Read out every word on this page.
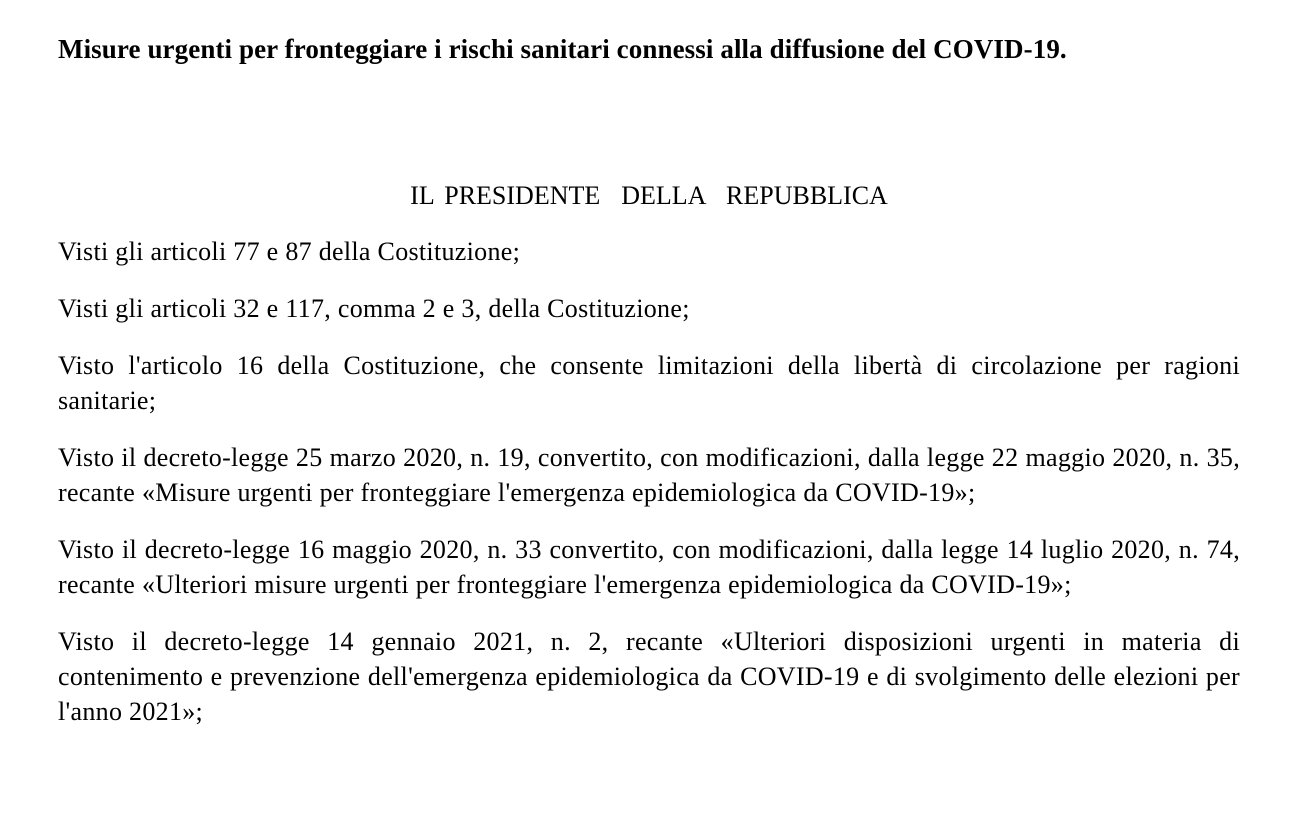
Misure urgenti per fronteggiare i rischi sanitari connessi alla diffusione del COVID-19.
IL PRESIDENTE  DELLA  REPUBBLICA

Visti gli articoli 77 e 87 della Costituzione;

Visti gli articoli 32 e 117, comma 2 e 3, della Costituzione;

Visto l'articolo 16 della Costituzione, che consente limitazioni della libertà di circolazione per ragioni sanitarie;

Visto il decreto-legge 25 marzo 2020, n. 19, convertito, con modificazioni, dalla legge 22 maggio 2020, n. 35, recante «Misure urgenti per fronteggiare l'emergenza epidemiologica da COVID-19»;

Visto il decreto-legge 16 maggio 2020, n. 33 convertito, con modificazioni, dalla legge 14 luglio 2020, n. 74, recante «Ulteriori misure urgenti per fronteggiare l'emergenza epidemiologica da COVID-19»;

Visto il decreto-legge 14 gennaio 2021, n. 2, recante «Ulteriori disposizioni urgenti in materia di contenimento e prevenzione dell'emergenza epidemiologica da COVID-19 e di svolgimento delle elezioni per l'anno 2021»;
